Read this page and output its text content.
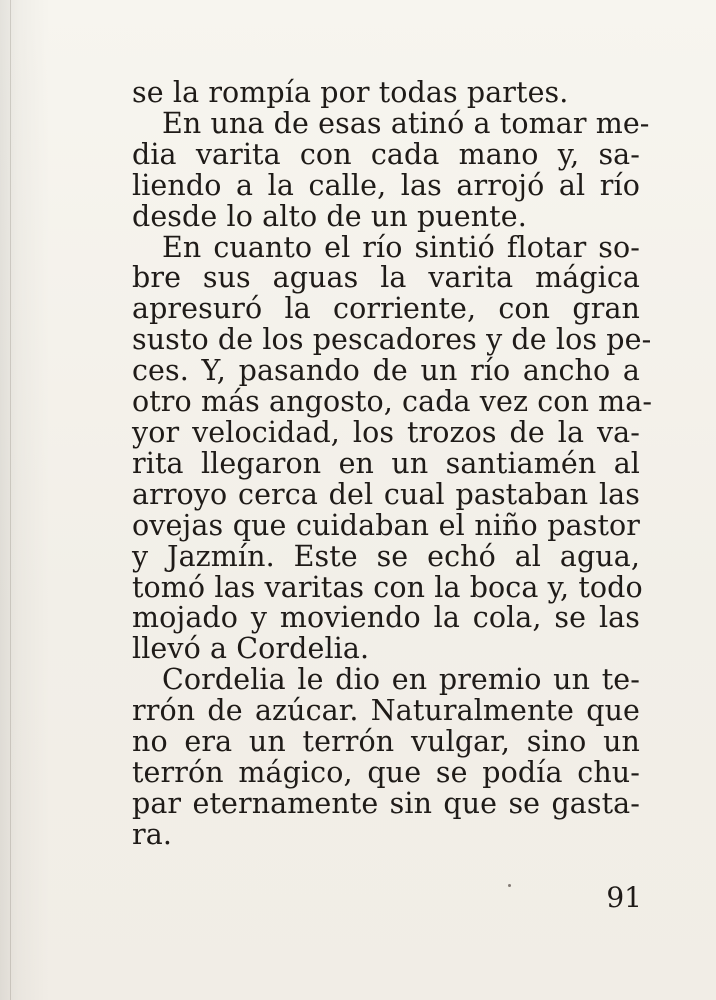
se la rompía por todas partes.
En una de esas atinó a tomar me-
dia varita con cada mano y, sa-
liendo a la calle, las arrojó al río
desde lo alto de un puente.
En cuanto el río sintió flotar so-
bre sus aguas la varita mágica
apresuró la corriente, con gran
susto de los pescadores y de los pe-
ces. Y, pasando de un río ancho a
otro más angosto, cada vez con ma-
yor velocidad, los trozos de la va-
rita llegaron en un santiamén al
arroyo cerca del cual pastaban las
ovejas que cuidaban el niño pastor
y Jazmín. Este se echó al agua,
tomó las varitas con la boca y, todo
mojado y moviendo la cola, se las
llevó a Cordelia.
Cordelia le dio en premio un te-
rrón de azúcar. Naturalmente que
no era un terrón vulgar, sino un
terrón mágico, que se podía chu-
par eternamente sin que se gasta-
ra.
91
